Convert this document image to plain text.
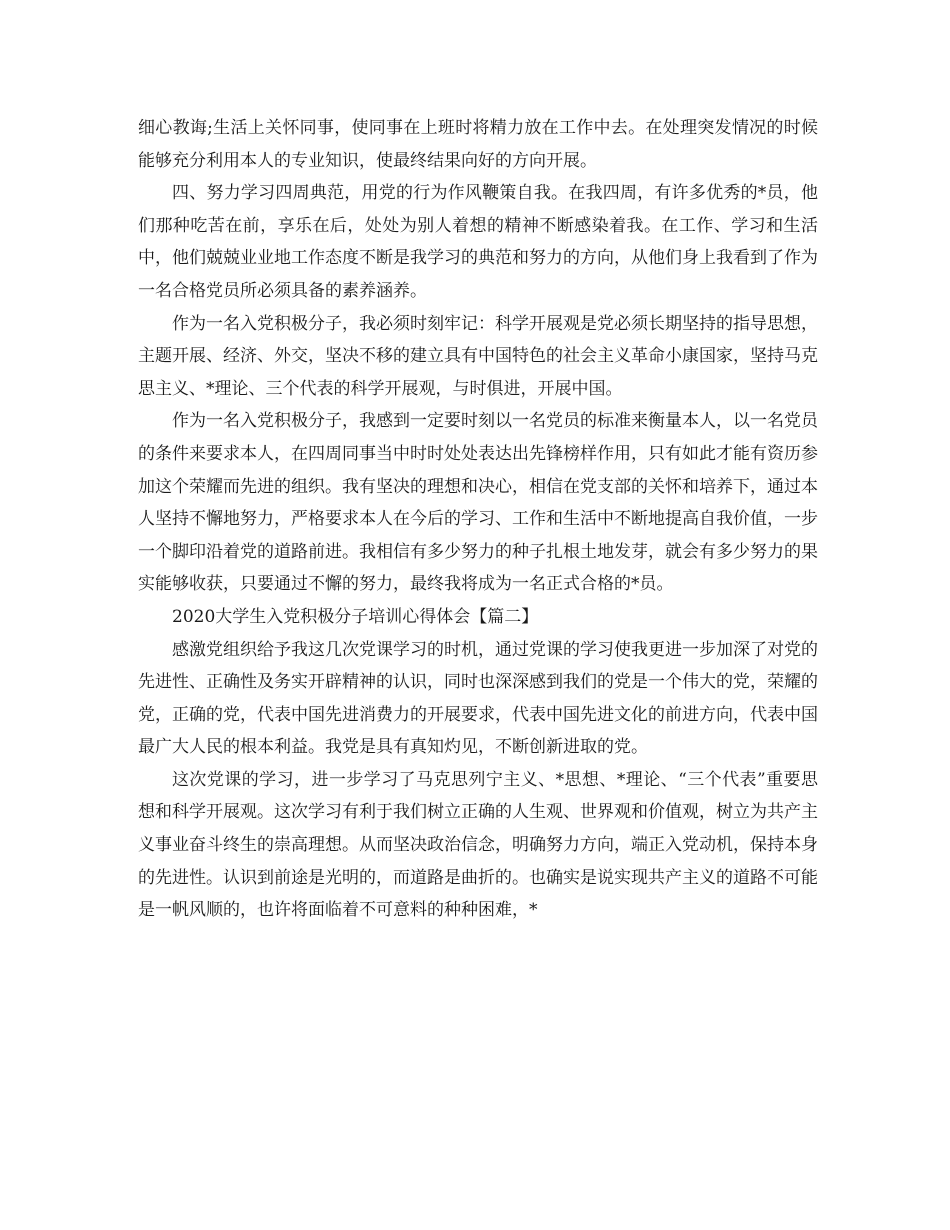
细心教诲;生活上关怀同事，使同事在上班时将精力放在工作中去。在处理突发情况的时候能够充分利用本人的专业知识，使最终结果向好的方向开展。

四、努力学习四周典范，用党的行为作风鞭策自我。在我四周，有许多优秀的*员，他们那种吃苦在前，享乐在后，处处为别人着想的精神不断感染着我。在工作、学习和生活中，他们兢兢业业地工作态度不断是我学习的典范和努力的方向，从他们身上我看到了作为一名合格党员所必须具备的素养涵养。

作为一名入党积极分子，我必须时刻牢记：科学开展观是党必须长期坚持的指导思想，主题开展、经济、外交，坚决不移的建立具有中国特色的社会主义革命小康国家，坚持马克思主义、*理论、三个代表的科学开展观，与时俱进，开展中国。

作为一名入党积极分子，我感到一定要时刻以一名党员的标准来衡量本人，以一名党员的条件来要求本人，在四周同事当中时时处处表达出先锋榜样作用，只有如此才能有资历参加这个荣耀而先进的组织。我有坚决的理想和决心，相信在党支部的关怀和培养下，通过本人坚持不懈地努力，严格要求本人在今后的学习、工作和生活中不断地提高自我价值，一步一个脚印沿着党的道路前进。我相信有多少努力的种子扎根土地发芽，就会有多少努力的果实能够收获，只要通过不懈的努力，最终我将成为一名正式合格的*员。

2020大学生入党积极分子培训心得体会【篇二】

感激党组织给予我这几次党课学习的时机，通过党课的学习使我更进一步加深了对党的先进性、正确性及务实开辟精神的认识，同时也深深感到我们的党是一个伟大的党，荣耀的党，正确的党，代表中国先进消费力的开展要求，代表中国先进文化的前进方向，代表中国最广大人民的根本利益。我党是具有真知灼见，不断创新进取的党。

这次党课的学习，进一步学习了马克思列宁主义、*思想、*理论、“三个代表”重要思想和科学开展观。这次学习有利于我们树立正确的人生观、世界观和价值观，树立为共产主义事业奋斗终生的崇高理想。从而坚决政治信念，明确努力方向，端正入党动机，保持本身的先进性。认识到前途是光明的，而道路是曲折的。也确实是说实现共产主义的道路不可能是一帆风顺的，也许将面临着不可意料的种种困难，*
